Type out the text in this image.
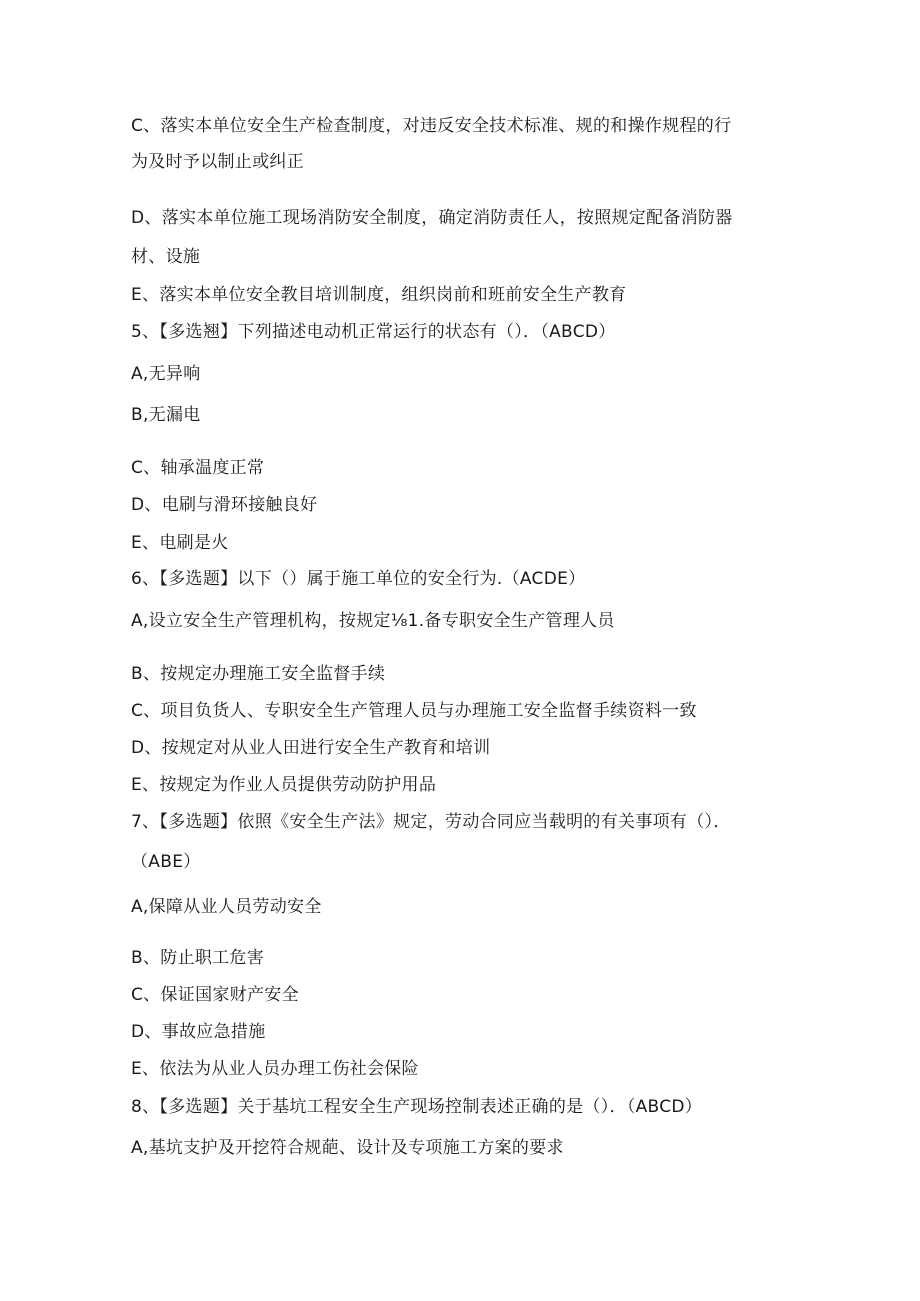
C、落实本单位安全生产检查制度，对违反安全技术标准、规的和操作规程的行
为及时予以制止或纠正
D、落实本单位施工现场消防安全制度，确定消防责任人，按照规定配备消防器
材、设施
E、落实本单位安全教目培训制度，组织岗前和班前安全生产教育
5、【多选翘】下列描述电动机正常运行的状态有（）．（ABCD）
A,无异响
B,无漏电
C、轴承温度正常
D、电刷与滑环接触良好
E、电刷是火
6、【多选题】以下（）属于施工单位的安全行为.（ACDE）
A,设立安全生产管理机构，按规定⅛1.备专职安全生产管理人员
B、按规定办理施工安全监督手续
C、项目负货人、专职安全生产管理人员与办理施工安全监督手续资料一致
D、按规定对从业人田进行安全生产教育和培训
E、按规定为作业人员提供劳动防护用品
7、【多选题】依照《安全生产法》规定，劳动合同应当载明的有关事项有（）．
（ABE）
A,保障从业人员劳动安全
B、防止职工危害
C、保证国家财产安全
D、事故应急措施
E、依法为从业人员办理工伤社会保险
8、【多选题】关于基坑工程安全生产现场控制表述正确的是（）．（ABCD）
A,基坑支护及开挖符合规葩、设计及专项施工方案的要求
